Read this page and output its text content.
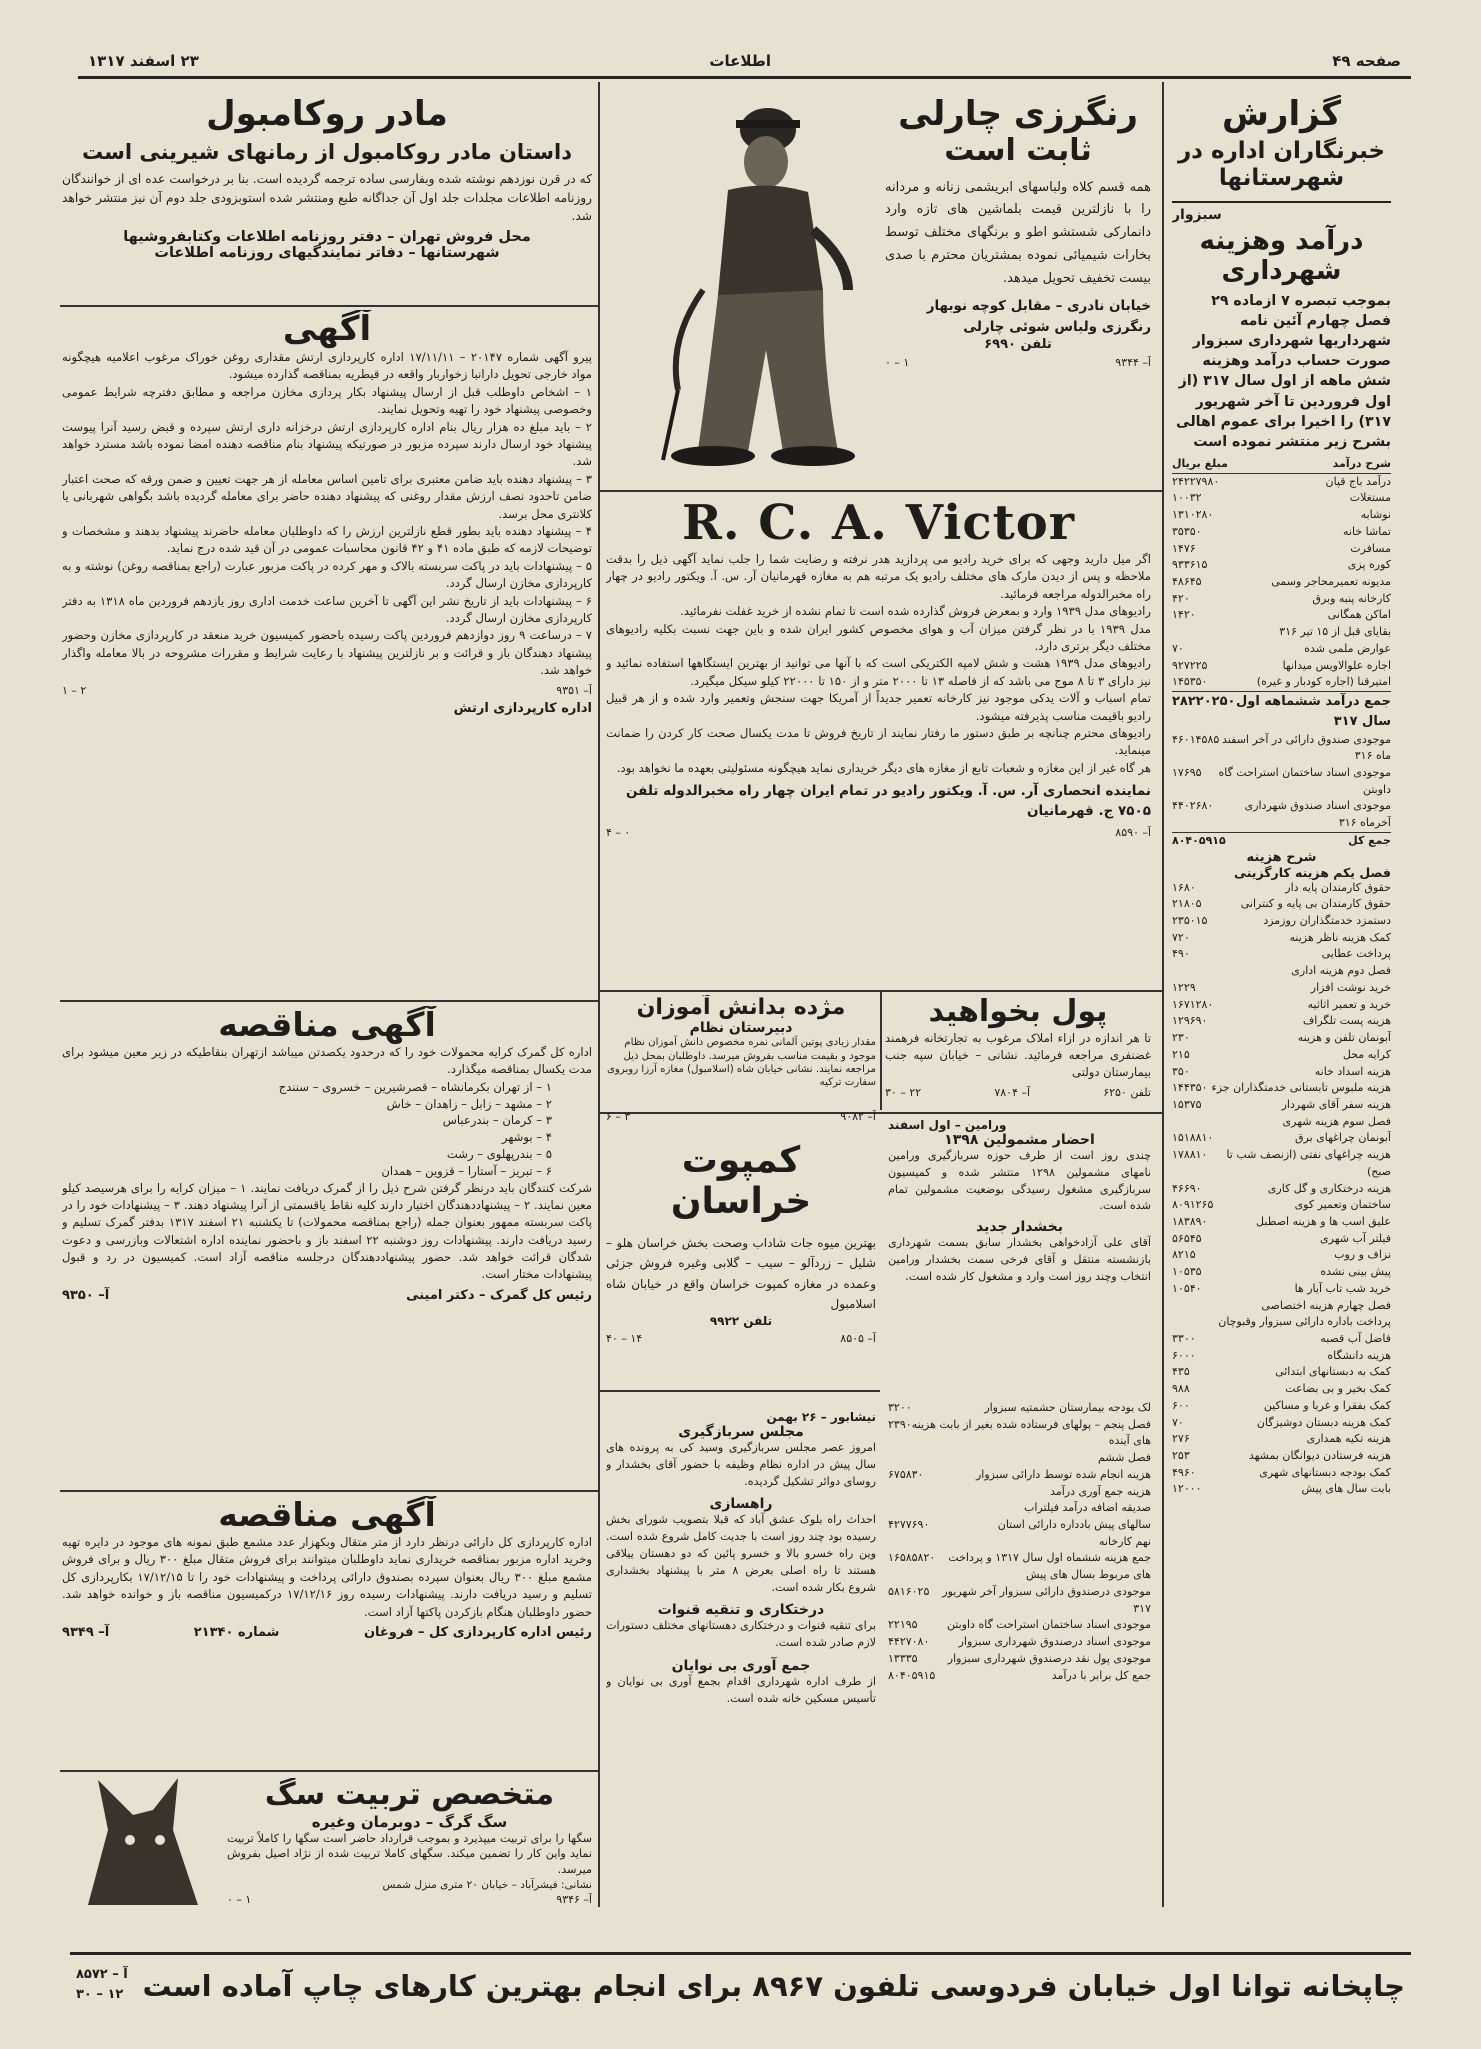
صفحه ۴۹
اطلاعات
۲۳ اسفند ۱۳۱۷
گزارش
خبرنگاران اداره در شهرستانها
سبزوار
درآمد وهزینه شهرداری
بموجب تبصره ۷ ازماده ۲۹ فصل چهارم آئین نامه شهرداریها شهرداری سبزوار صورت حساب درآمد وهزینه شش ماهه از اول سال ۳۱۷ (از اول فروردین تا آخر شهریور ۳۱۷) را اخیرا برای عموم اهالی بشرح زیر منتشر نموده است
شرح درآمد
مبلغ بریال
درآمد باج قپان
۲۴۲۲۷۹۸۰
مستغلات
۱۰۰۳۲
نوشابه
۱۳۱۰۲۸۰
تماشا خانه
۳۵۳۵۰
مسافرت
۱۴۷۶
کوره پزی
۹۳۳۶۱۵
مدیونه تعمیرمحاجر وسمی
۴۸۶۴۵
کارخانه پنبه وبرق
۴۲۰
اماکن همگانی
۱۴۲۰
بقایای قبل از ۱۵ تیر ۳۱۶
عوارض ملمی شده
۷۰
اجاره علوالاویس میدانها
۹۲۷۲۲۵
امتیرقنا (اجاره کودبار و غیره)
۱۴۵۳۵۰
جمع درآمد ششماهه اول سال ۳۱۷
۲۸۲۲۰۲۵۰
موجودی صندوق دارائی در آخر اسفند ماه ۳۱۶
۴۶۰۱۴۵۸۵
موجودی اسناد ساختمان استراحت گاه داوبتن
۱۷۶۹۵
موجودی اسناد صندوق شهرداری آخرماه ۳۱۶
۴۴۰۲۶۸۰
جمع کل
۸۰۴۰۵۹۱۵
شرح هزینه
فصل یکم هزینه کارگزینی
حقوق کارمندان پایه دار
۱۶۸۰
حقوق کارمندان بی پایه و کنترانی
۲۱۸۰۵
دستمزد خدمتگذاران روزمزد
۲۳۵۰۱۵
کمک هزینه ناظر هزینه
۷۲۰
پرداخت عطایی
۴۹۰
فصل دوم هزینه اداری
خرید نوشت افزار
۱۲۲۹
خرید و تعمیر اثاثیه
۱۶۷۱۲۸۰
هزینه پست تلگراف
۱۲۹۶۹۰
آبونمان تلفن و هزینه
۲۳۰
کرایه محل
۲۱۵
هزینه اسداد خانه
۳۵۰
هزینه ملبوس تابستانی خدمتگذاران جزء
۱۴۴۳۵۰
هزینه سفر آقای شهردار
۱۵۳۷۵
فصل سوم هزینه شهری
آبونمان چراغهای برق
۱۵۱۸۸۱۰
هزینه چراغهای نفتی (ازنصف شب تا صبح)
۱۷۸۸۱۰
هزینه درختکاری و گل کاری
۴۶۶۹۰
ساختمان وتعمیر کوی
۸۰۹۱۲۶۵
علیق اسب ها و هزینه اصطبل
۱۸۳۸۹۰
فیلتر آب شهری
۵۶۵۴۵
نزاف و روب
۸۲۱۵
پیش بینی نشده
۱۰۵۳۵
خرید شب تاب آیار ها
۱۰۵۴۰
فصل چهارم هزینه اختصاصی
پرداخت باداره دارائی سبزوار وقبوچان
فاضل آب قصبه
۳۳۰۰
هزینه دانشگاه
۶۰۰۰
کمک به دبستانهای ابتدائی
۴۳۵
کمک بخیر و بی بضاعت
۹۸۸
کمک بفقرا و غربا و مساکین
۶۰۰
کمک هزینه دبستان دوشیزگان
۷۰
هزینه تکیه همداری
۲۷۶
هزینه فرستادن دیوانگان بمشهد
۲۵۳
کمک بودجه دبستانهای شهری
۴۹۶۰
بابت سال های پیش
۱۲۰۰۰
رنگرزی چارلی
ثابت است
همه قسم کلاه ولباسهای ابریشمی زنانه و مردانه را با نازلترین قیمت بلماشین های تازه وارد دانمارکی شستشو اطو و برنگهای مختلف توسط بخارات شیمیائی نموده بمشتریان محترم با صدی بیست تخفیف تحویل میدهد.
خیابان نادری – مقابل کوچه نوبهار رنگرزی ولباس شوئی چارلی
تلفن ۶۹۹۰
آ– ۹۳۴۴
۱ – ۰
R. C. A. Victor
اگر میل دارید وجهی که برای خرید رادیو می پردازید هدر نرفته و رضایت شما را جلب نماید آگهی ذیل را بدقت ملاحظه و پس از دیدن مارک های مختلف رادیو یک مرتبه هم به مغازه قهرمانیان آر. س. آ. ویکتور رادیو در چهار راه مخبرالدوله مراجعه فرمائید.
رادیوهای مدل ۱۹۳۹ وارد و بمعرض فروش گذارده شده است تا تمام نشده از خرید غفلت نفرمائید.
مدل ۱۹۳۹ با در نظر گرفتن میزان آب و هوای مخصوص کشور ایران شده و باین جهت نسبت بکلیه رادیوهای مختلف دیگر برتری دارد.
رادیوهای مدل ۱۹۳۹ هشت و شش لامپه الکتریکی است که با آنها می توانید از بهترین ایستگاهها استفاده نمائید و نیز دارای ۳ تا ۸ موج می باشد که از فاصله ۱۳ تا ۲۰۰۰ متر و از ۱۵۰ تا ۲۲۰۰۰ کیلو سیکل میگیرد.
تمام اسباب و آلات یدکی موجود نیز کارخانه تعمیر جدیداً از آمریکا جهت سنجش وتعمیر وارد شده و از هر قبیل رادیو باقیمت مناسب پذیرفته میشود.
رادیوهای محترم چنانچه بر طبق دستور ما رفتار نمایند از تاریخ فروش تا مدت یکسال صحت کار کردن را ضمانت مینماید.
هر گاه غیر از این مغازه و شعبات تابع از مغازه های دیگر خریداری نماید هیچگونه مسئولیتی بعهده ما نخواهد بود.
نماینده انحصاری آر. س. آ. ویکتور رادیو در تمام ایران چهار راه مخبرالدوله تلفن ۷۵۰۵ ج. قهرمانیان
آ– ۸۵۹۰
۰ – ۴
پول بخواهید
تا هر اندازه در ازاء املاک مرغوب به تجارتخانه فرهمند غضنفری مراجعه فرمائید. نشانی – خیابان سپه جنب بیمارستان دولتی
تلفن ۶۲۵۰
آ– ۷۸۰۴
۲۲ – ۳۰
مژده بدانش آموزان
دبیرستان نظام
مقدار زیادی پوتین آلمانی نمره مخصوص دانش آموزان نظام موجود و بقیمت مناسب بفروش میرسد. داوطلبان بمحل ذیل مراجعه نمایند. نشانی خیابان شاه (اسلامبول) مغازه آرزا روبروی سفارت ترکیه
آ– ۹۰۸۲
۳ – ۶
ورامین – اول اسفند
احضار مشمولین ۱۳۹۸
چندی روز است از طرف حوزه سربازگیری ورامین نامهای مشمولین ۱۲۹۸ منتشر شده و کمیسیون سربازگیری مشغول رسیدگی بوضعیت مشمولین تمام شده است.
بخشدار جدید
آقای علی آزادخواهی بخشدار سابق بسمت شهرداری بازنشسته منتقل و آقای فرخی سمت بخشدار ورامین انتخاب وچند روز است وارد و مشغول کار شده است.
کمپوت خراسان
بهترین میوه جات شاداب وصحت بخش خراسان هلو – شلیل – زردآلو – سیب – گلابی وغیره فروش جزئی وعمده در مغازه کمپوت خراسان واقع در خیابان شاه اسلامبول
تلفن ۹۹۲۲
آ– ۸۵۰۵
۱۴ – ۴۰
نیشابور – ۲۶ بهمن
مجلس سربازگیری
امروز عصر مجلس سربازگیری وسید کی به پرونده های سال پیش در اداره نظام وظیفه با حضور آقای بخشدار و روسای دوائر تشکیل گردیده.
راهسازی
احداث راه بلوک عشق آباد که قبلا بتصویب شورای بخش رسیده بود چند روز است با جدیت کامل شروع شده است. وین راه خسرو بالا و خسرو پائین که دو دهستان ییلاقی هستند تا راه اصلی بعرض ۸ متر با پیشنهاد بخشداری شروع بکار شده است.
درختکاری و تنقیه قنوات
برای تنقیه قنوات و درختکاری دهستانهای مختلف دستورات لازم صادر شده است.
جمع آوری بی نوایان
از طرف اداره شهرداری اقدام بجمع آوری بی نوایان و تأسیس مسکین خانه شده است.
لک بودجه بیمارستان حشمتیه سبزوار
۳۲۰۰
فصل پنجم – پولهای فرستاده شده بغیر از بابت هزینه های آینده
۲۳۹۰
فصل ششم
هزینه انجام شده توسط دارائی سبزوار
۶۷۵۸۳۰
هزینه جمع آوری درآمد
صدیقه اضافه درآمد فیلتراب
سالهای پیش بادداره دارائی استان
۴۲۷۷۶۹۰
نهم کارخانه
جمع هزینه ششماه اول سال ۱۳۱۷ و پرداخت های مربوط بسال های پیش
۱۶۵۸۵۸۲۰
موجودی درصندوق دارائی سبزوار آخر شهریور ۳۱۷
۵۸۱۶۰۲۵
موجودی اسناد ساختمان استراحت گاه داوبتن
۲۲۱۹۵
موجودی اسناد درصندوق شهرداری سبزوار
۴۴۲۷۰۸۰
موجودی پول نقد درصندوق شهرداری سبزوار
۱۳۳۳۵
جمع کل برابر با درآمد
۸۰۴۰۵۹۱۵
مادر روکامبول
داستان مادر روکامبول از رمانهای شیرینی است
که در قرن نوزدهم نوشته شده وبفارسی ساده ترجمه گردیده است. بنا بر درخواست عده ای از خوانندگان روزنامه اطلاعات مجلدات جلد اول آن جداگانه طبع ومنتشر شده استوبزودی جلد دوم آن نیز منتشر خواهد شد.
محل فروش تهران – دفتر روزنامه اطلاعات وکتابفروشیها
شهرستانها – دفاتر نمایندگیهای روزنامه اطلاعات
آگهی
پیرو آگهی شماره ۲۰۱۴۷ – ۱۷/۱۱/۱۱ اداره کارپردازی ارتش مقداری روغن خوراک مرغوب اعلامیه هیچگونه مواد خارجی تحویل دارانبا زخواربار واقعه در قیطریه بمناقصه گذارده میشود.
۱ – اشخاص داوطلب قبل از ارسال پیشنهاد بکار پردازی مخازن مراجعه و مطابق دفترچه شرایط عمومی وخصوصی پیشنهاد خود را تهیه وتحویل نمایند.
۲ – باید مبلغ ده هزار ریال بنام اداره کارپردازی ارتش درخزانه داری ارتش سپرده و قبض رسید آنرا پیوست پیشنهاد خود ارسال دارند سپرده مزبور در صورتیکه پیشنهاد بنام مناقصه دهنده امضا نموده باشد مسترد خواهد شد.
۳ – پیشنهاد دهنده باید ضامن معتبری برای تامین اساس معامله از هر جهت تعیین و ضمن ورقه که صحت اعتبار ضامن تاحدود نصف ارزش مقدار روغنی که پیشنهاد دهنده حاضر برای معامله گردیده باشد بگواهی شهربانی یا کلانتری محل برسد.
۴ – پیشنهاد دهنده باید بطور قطع نازلترین ارزش را که داوطلبان معامله حاضرند پیشنهاد بدهند و مشخصات و توضیحات لازمه که طبق ماده ۴۱ و ۴۲ قانون محاسبات عمومی در آن قید شده درج نماید.
۵ – پیشنهادات باید در پاکت سربسته بالاک و مهر کرده در پاکت مزبور عبارت (راجع بمناقصه روغن) نوشته و به کارپردازی مخازن ارسال گردد.
۶ – پیشنهادات باید از تاریخ نشر این آگهی تا آخرین ساعت خدمت اداری روز یازدهم فروردین ماه ۱۳۱۸ به دفتر کارپردازی مخازن ارسال گردد.
۷ – درساعت ۹ روز دوازدهم فروردین پاکت رسیده باحضور کمیسیون خرید منعقد در کارپردازی مخازن وحضور پیشنهاد دهندگان باز و قرائت و بر نازلترین پیشنهاد با رعایت شرایط و مقررات مشروحه در بالا معامله واگذار خواهد شد.
آ– ۹۳۵۱
۲ – ۱
اداره کارپردازی ارتش
آگهی مناقصه
اداره کل گمرک کرایه محمولات خود را که درحدود یکصدتن میباشد ازتهران بنقاطیکه در زیر معین میشود برای مدت یکسال بمناقصه میگذارد.
۱ – از تهران بکرمانشاه – قصرشیرین – خسروی – سنندج
۲ – مشهد – زابل – زاهدان – خاش
۳ – کرمان – بندرعباس
۴ – بوشهر
۵ – بندرپهلوی – رشت
۶ – تبریز – آستارا – قزوین – همدان
شرکت کنندگان باید درنظر گرفتن شرح ذیل را از گمرک دریافت نمایند. ۱ – میزان کرایه را برای هرسیصد کیلو معین نمایند. ۲ – پیشنهاددهندگان اختیار دارند کلیه نقاط یاقسمتی از آنرا پیشنهاد دهند. ۳ – پیشنهادات خود را در پاکت سربسته ممهور بعنوان جمله (راجع بمناقصه محمولات) تا یکشنبه ۲۱ اسفند ۱۳۱۷ بدفتر گمرک تسلیم و رسید دریافت دارند. پیشنهادات روز دوشنبه ۲۲ اسفند باز و باحضور نماینده اداره اشتعالات وبازرسی و دعوت شدگان قرائت خواهد شد. حضور پیشنهاددهندگان درجلسه مناقصه آزاد است. کمیسیون در رد و قبول پیشنهادات مختار است.
رئیس کل گمرک – دکتر امینی
آ– ۹۳۵۰
آگهی مناقصه
اداره کارپردازی کل دارائی درنظر دارد از متر متقال وبکهزار عدد مشمع طبق نمونه های موجود در دایره تهیه وخرید اداره مزبور بمناقصه خریداری نماید داوطلبان میتوانند برای فروش متقال مبلغ ۳۰۰ ریال و برای فروش مشمع مبلغ ۳۰۰ ریال بعنوان سپرده بصندوق دارائی پرداخت و پیشنهادات خود را تا ۱۷/۱۲/۱۵ بکارپردازی کل تسلیم و رسید دریافت دارند. پیشنهادات رسیده روز ۱۷/۱۲/۱۶ درکمیسیون مناقصه باز و خوانده خواهد شد. حضور داوطلبان هنگام بازکردن پاکتها آزاد است.
رئیس اداره کارپردازی کل – فروغان
شماره ۲۱۳۴۰
آ– ۹۳۴۹
متخصص تربیت سگ
سگ گرگ – دوبرمان وغیره
سگها را برای تربیت میپذیرد و بموجب قرارداد حاضر است سگها را کاملاً تربیت نماید واین کار را تضمین میکند. سگهای کاملا تربیت شده از نژاد اصیل بفروش میرسد.
نشانی: فیشرآباد – خیابان ۲۰ متری منزل شمس
آ– ۹۳۴۶
۱ – ۰
چاپخانه توانا اول خیابان فردوسی تلفون ۸۹۶۷ برای انجام بهترین کارهای چاپ آماده است
آ – ۸۵۷۲
۱۲ – ۳۰
